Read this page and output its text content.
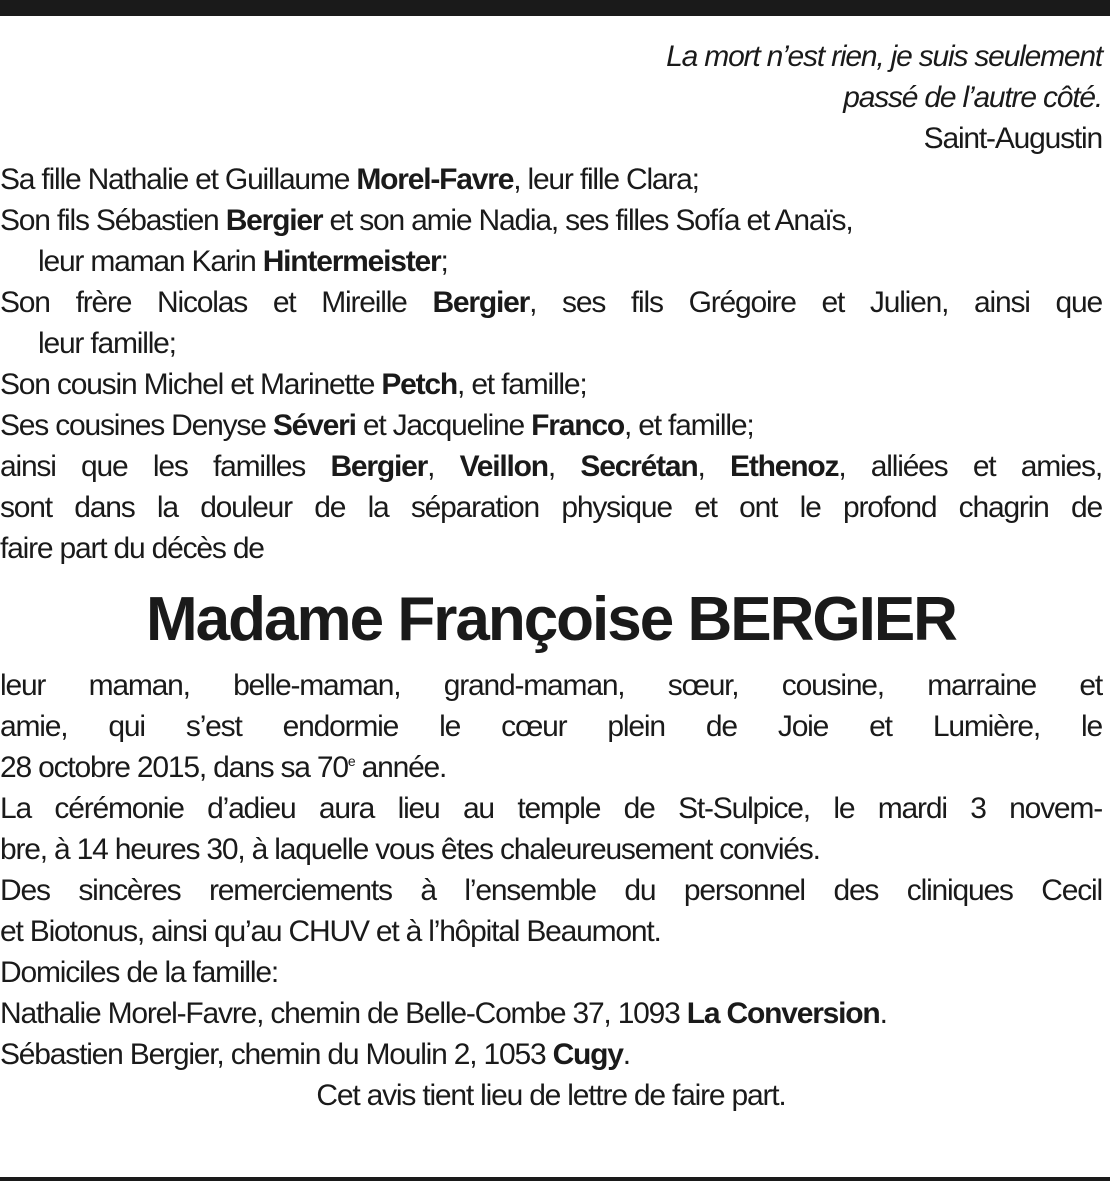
La mort n’est rien, je suis seulement
passé de l’autre côté.
Saint-Augustin
Sa fille Nathalie et Guillaume Morel-Favre, leur fille Clara;
Son fils Sébastien Bergier et son amie Nadia, ses filles Sofía et Anaïs,
leur maman Karin Hintermeister;
Son frère Nicolas et Mireille Bergier, ses fils Grégoire et Julien, ainsi que
leur famille;
Son cousin Michel et Marinette Petch, et famille;
Ses cousines Denyse Séveri et Jacqueline Franco, et famille;
ainsi que les familles Bergier, Veillon, Secrétan, Ethenoz, alliées et amies,
sont dans la douleur de la séparation physique et ont le profond chagrin de
faire part du décès de
Madame Françoise BERGIER
leur maman, belle-maman, grand-maman, sœur, cousine, marraine et
amie, qui s’est endormie le cœur plein de Joie et Lumière, le
28 octobre 2015, dans sa 70e année.
La cérémonie d’adieu aura lieu au temple de St-Sulpice, le mardi 3 novem-
bre, à 14 heures 30, à laquelle vous êtes chaleureusement conviés.
Des sincères remerciements à l’ensemble du personnel des cliniques Cecil
et Biotonus, ainsi qu’au CHUV et à l’hôpital Beaumont.
Domiciles de la famille:
Nathalie Morel-Favre, chemin de Belle-Combe 37, 1093 La Conversion.
Sébastien Bergier, chemin du Moulin 2, 1053 Cugy.
Cet avis tient lieu de lettre de faire part.
